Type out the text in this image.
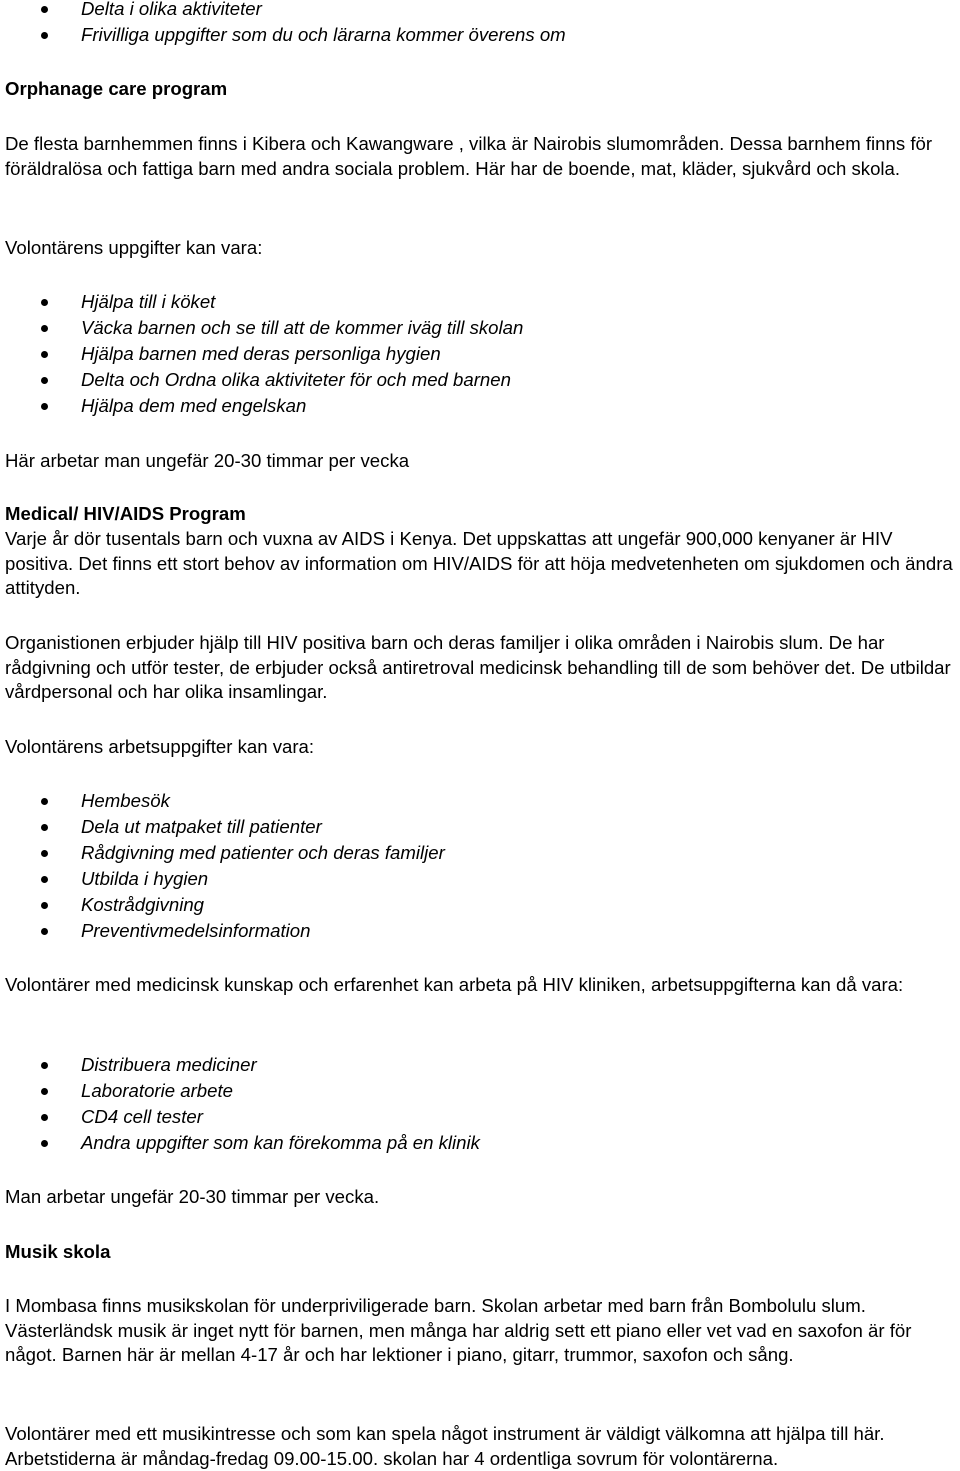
Delta i olika aktiviteter
Frivilliga uppgifter som du och lärarna kommer överens om

Orphanage care program

De flesta barnhemmen finns i Kibera och Kawangware , vilka är Nairobis slumområden. Dessa barnhem finns för föräldralösa och fattiga barn med andra sociala problem. Här har de boende, mat, kläder, sjukvård och skola.

Volontärens uppgifter kan vara:

Hjälpa till i köket
Väcka barnen och se till att de kommer iväg till skolan
Hjälpa barnen med deras personliga hygien
Delta och Ordna olika aktiviteter för och med barnen
Hjälpa dem med engelskan

Här arbetar man ungefär 20-30 timmar per vecka

Medical/ HIV/AIDS Program

Varje år dör tusentals barn och vuxna av AIDS i Kenya. Det uppskattas att ungefär 900,000 kenyaner är HIV positiva. Det finns ett stort behov av information om HIV/AIDS för att höja medvetenheten om sjukdomen och ändra attityden.

Organistionen erbjuder hjälp till HIV positiva barn och deras familjer i olika områden i Nairobis slum. De har rådgivning och utför tester, de erbjuder också antiretroval medicinsk behandling till de som behöver det. De utbildar vårdpersonal och har olika insamlingar.

Volontärens arbetsuppgifter kan vara:

Hembesök
Dela ut matpaket till patienter
Rådgivning med patienter och deras familjer
Utbilda i hygien
Kostrådgivning
Preventivmedelsinformation

Volontärer med medicinsk kunskap och erfarenhet kan arbeta på HIV kliniken, arbetsuppgifterna kan då vara:

Distribuera mediciner
Laboratorie arbete
CD4 cell tester
Andra uppgifter som kan förekomma på en klinik

Man arbetar ungefär 20-30 timmar per vecka.

Musik skola

I Mombasa finns musikskolan för underpriviligerade barn. Skolan arbetar med barn från Bombolulu slum. Västerländsk musik är inget nytt för barnen, men många har aldrig sett ett piano eller vet vad en saxofon är för något. Barnen här är mellan 4-17 år och har lektioner i piano, gitarr, trummor, saxofon och sång.

Volontärer med ett musikintresse och som kan spela något instrument är väldigt välkomna att hjälpa till här. Arbetstiderna är måndag-fredag 09.00-15.00. skolan har 4 ordentliga sovrum för volontärerna.
